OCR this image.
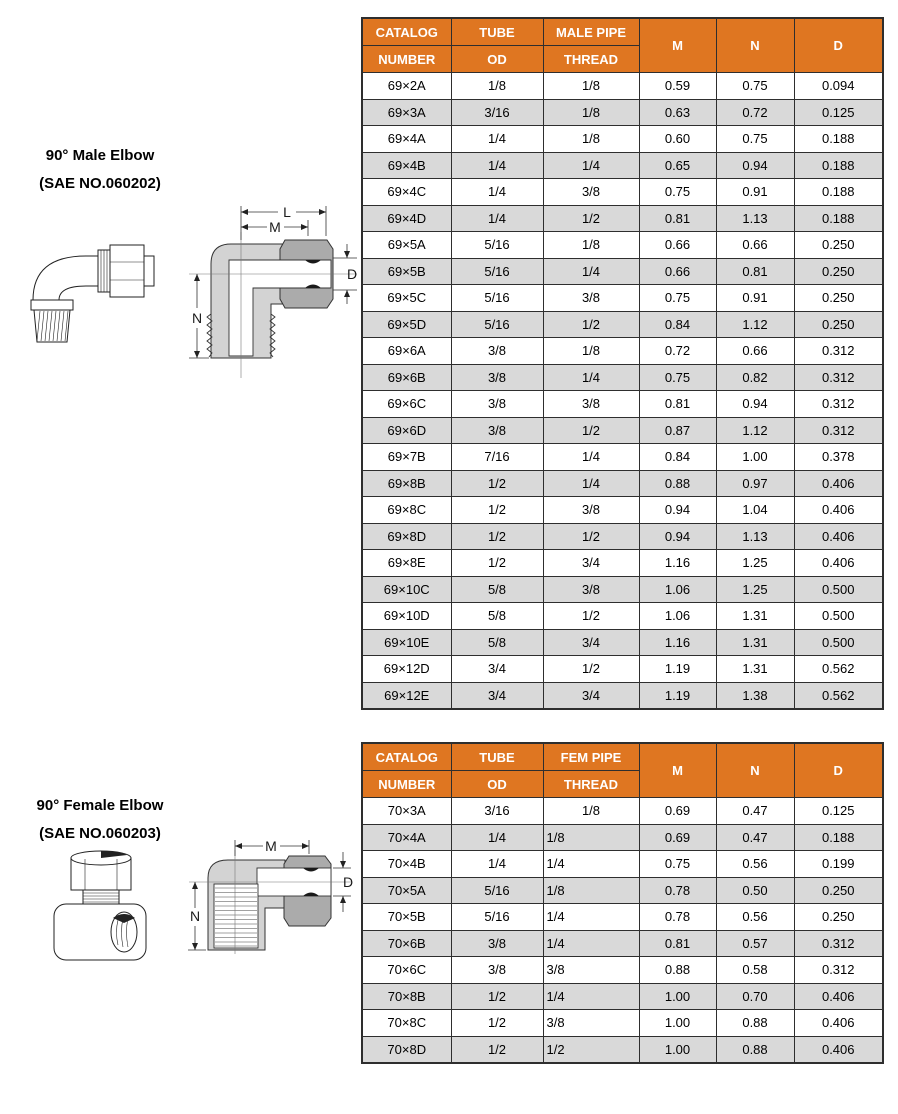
90° Male Elbow
(SAE NO.060202)
L
M
N
D
CATALOG	TUBE	MALE PIPE	M	N	D
NUMBER	OD	THREAD			
69×2A	1/8	1/8	0.59	0.75	0.094
69×3A	3/16	1/8	0.63	0.72	0.125
69×4A	1/4	1/8	0.60	0.75	0.188
69×4B	1/4	1/4	0.65	0.94	0.188
69×4C	1/4	3/8	0.75	0.91	0.188
69×4D	1/4	1/2	0.81	1.13	0.188
69×5A	5/16	1/8	0.66	0.66	0.250
69×5B	5/16	1/4	0.66	0.81	0.250
69×5C	5/16	3/8	0.75	0.91	0.250
69×5D	5/16	1/2	0.84	1.12	0.250
69×6A	3/8	1/8	0.72	0.66	0.312
69×6B	3/8	1/4	0.75	0.82	0.312
69×6C	3/8	3/8	0.81	0.94	0.312
69×6D	3/8	1/2	0.87	1.12	0.312
69×7B	7/16	1/4	0.84	1.00	0.378
69×8B	1/2	1/4	0.88	0.97	0.406
69×8C	1/2	3/8	0.94	1.04	0.406
69×8D	1/2	1/2	0.94	1.13	0.406
69×8E	1/2	3/4	1.16	1.25	0.406
69×10C	5/8	3/8	1.06	1.25	0.500
69×10D	5/8	1/2	1.06	1.31	0.500
69×10E	5/8	3/4	1.16	1.31	0.500
69×12D	3/4	1/2	1.19	1.31	0.562
69×12E	3/4	3/4	1.19	1.38	0.562
90° Female Elbow
(SAE NO.060203)
M
N
D
CATALOG	TUBE	FEM PIPE	M	N	D
NUMBER	OD	THREAD			
70×3A	3/16	1/8	0.69	0.47	0.125
70×4A	1/4	1/8	0.69	0.47	0.188
70×4B	1/4	1/4	0.75	0.56	0.199
70×5A	5/16	1/8	0.78	0.50	0.250
70×5B	5/16	1/4	0.78	0.56	0.250
70×6B	3/8	1/4	0.81	0.57	0.312
70×6C	3/8	3/8	0.88	0.58	0.312
70×8B	1/2	1/4	1.00	0.70	0.406
70×8C	1/2	3/8	1.00	0.88	0.406
70×8D	1/2	1/2	1.00	0.88	0.406
